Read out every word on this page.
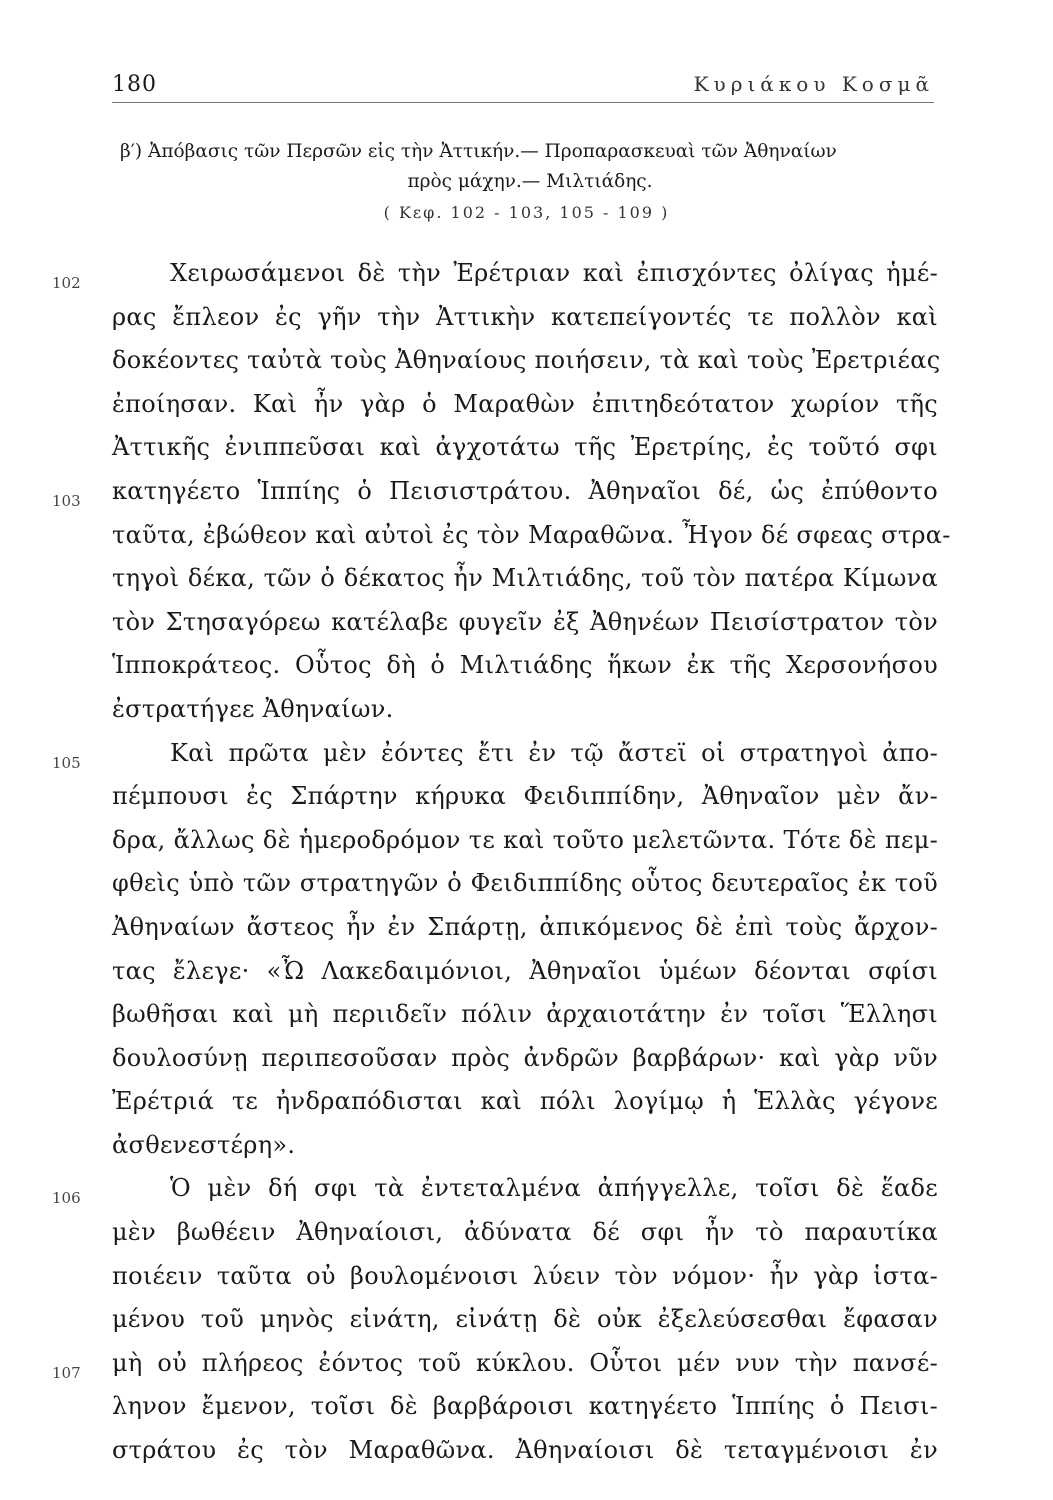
180	Κυριάκου Κοσμᾶ
β′) Ἀπόβασις τῶν Περσῶν εἰς τὴν Ἀττικήν.— Προπαρασκευαὶ τῶν Ἀθηναίων
πρὸς μάχην.— Μιλτιάδης.
( Κεφ. 102 - 103, 105 - 109 )
102	Χειρωσάμενοι δὲ τὴν Ἐρέτριαν καὶ ἐπισχόντες ὀλίγας ἡμέ-
ρας ἔπλεον ἐς γῆν τὴν Ἀττικὴν κατεπείγοντές τε πολλὸν καὶ
δοκέοντες ταὐτὰ τοὺς Ἀθηναίους ποιήσειν, τὰ καὶ τοὺς Ἐρετριέας
ἐποίησαν. Καὶ ἦν γὰρ ὁ Μαραθὼν ἐπιτηδεότατον χωρίον τῆς
Ἀττικῆς ἐνιππεῦσαι καὶ ἀγχοτάτω τῆς Ἐρετρίης, ἐς τοῦτό σφι
103	κατηγέετο Ἱππίης ὁ Πεισιστράτου. Ἀθηναῖοι δέ, ὡς ἐπύθοντο
ταῦτα, ἐβώθεον καὶ αὐτοὶ ἐς τὸν Μαραθῶνα. Ἦγον δέ σφεας στρα-
τηγοὶ δέκα, τῶν ὁ δέκατος ἦν Μιλτιάδης, τοῦ τὸν πατέρα Κίμωνα
τὸν Στησαγόρεω κατέλαβε φυγεῖν ἐξ Ἀθηνέων Πεισίστρατον τὸν
Ἱπποκράτεος. Οὗτος δὴ ὁ Μιλτιάδης ἥκων ἐκ τῆς Χερσονήσου
ἐστρατήγεε Ἀθηναίων.
105	Καὶ πρῶτα μὲν ἐόντες ἔτι ἐν τῷ ἄστεϊ οἱ στρατηγοὶ ἀπο-
πέμπουσι ἐς Σπάρτην κήρυκα Φειδιππίδην, Ἀθηναῖον μὲν ἄν-
δρα, ἄλλως δὲ ἡμεροδρόμον τε καὶ τοῦτο μελετῶντα. Τότε δὲ πεμ-
φθεὶς ὑπὸ τῶν στρατηγῶν ὁ Φειδιππίδης οὗτος δευτεραῖος ἐκ τοῦ
Ἀθηναίων ἄστεος ἦν ἐν Σπάρτῃ, ἀπικόμενος δὲ ἐπὶ τοὺς ἄρχον-
τας ἔλεγε· «Ὦ Λακεδαιμόνιοι, Ἀθηναῖοι ὑμέων δέονται σφίσι
βωθῆσαι καὶ μὴ περιιδεῖν πόλιν ἀρχαιοτάτην ἐν τοῖσι Ἕλλησι
δουλοσύνῃ περιπεσοῦσαν πρὸς ἀνδρῶν βαρβάρων· καὶ γὰρ νῦν
Ἐρέτριά τε ἠνδραπόδισται καὶ πόλι λογίμῳ ἡ Ἑλλὰς γέγονε
ἀσθενεστέρη».
106	Ὁ μὲν δή σφι τὰ ἐντεταλμένα ἀπήγγελλε, τοῖσι δὲ ἕαδε
μὲν βωθέειν Ἀθηναίοισι, ἀδύνατα δέ σφι ἦν τὸ παραυτίκα
ποιέειν ταῦτα οὐ βουλομένοισι λύειν τὸν νόμον· ἦν γὰρ ἱστα-
μένου τοῦ μηνὸς εἰνάτη, εἰνάτῃ δὲ οὐκ ἐξελεύσεσθαι ἔφασαν
107	μὴ οὐ πλήρεος ἐόντος τοῦ κύκλου. Οὗτοι μέν νυν τὴν πανσέ-
ληνον ἔμενον, τοῖσι δὲ βαρβάροισι κατηγέετο Ἱππίης ὁ Πεισι-
στράτου ἐς τὸν Μαραθῶνα. Ἀθηναίοισι δὲ τεταγμένοισι ἐν
